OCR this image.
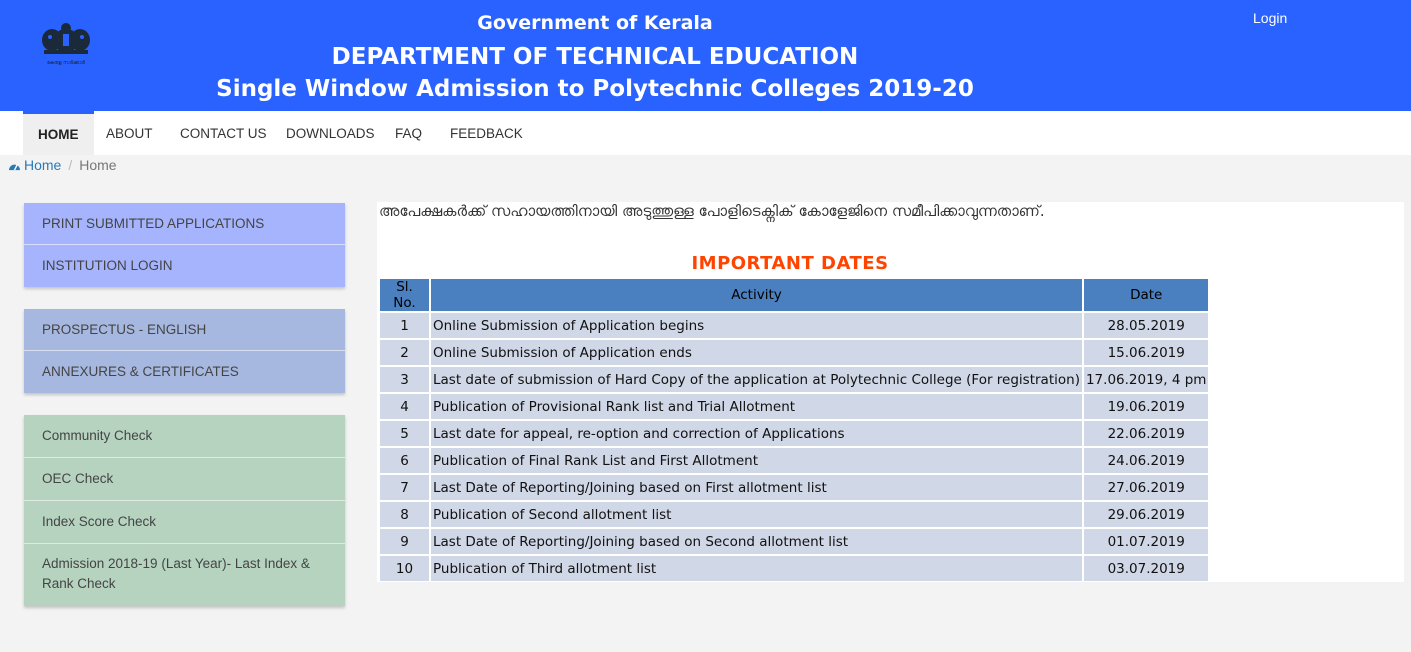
കേരള സർക്കാർ
Government of Kerala
DEPARTMENT OF TECHNICAL EDUCATION
Single Window Admission to Polytechnic Colleges 2019-20
Login
HOME	ABOUT	CONTACT US	DOWNLOADS	FAQ	FEEDBACK
Home / Home
PRINT SUBMITTED APPLICATIONS
INSTITUTION LOGIN
PROSPECTUS - ENGLISH
ANNEXURES & CERTIFICATES
Community Check
OEC Check
Index Score Check
Admission 2018-19 (Last Year)- Last Index & Rank Check
അപേക്ഷകർക്ക് സഹായത്തിനായി അടുത്തുള്ള പോളിടെക്നിക് കോളേജിനെ സമീപിക്കാവുന്നതാണ്.
IMPORTANT DATES
Sl. No.	Activity	Date
1	Online Submission of Application begins	28.05.2019
2	Online Submission of Application ends	15.06.2019
3	Last date of submission of Hard Copy of the application at Polytechnic College (For registration)	17.06.2019, 4 pm
4	Publication of Provisional Rank list and Trial Allotment	19.06.2019
5	Last date for appeal, re-option and correction of Applications	22.06.2019
6	Publication of Final Rank List and First Allotment	24.06.2019
7	Last Date of Reporting/Joining based on First allotment list	27.06.2019
8	Publication of Second allotment list	29.06.2019
9	Last Date of Reporting/Joining based on Second allotment list	01.07.2019
10	Publication of Third allotment list	03.07.2019
